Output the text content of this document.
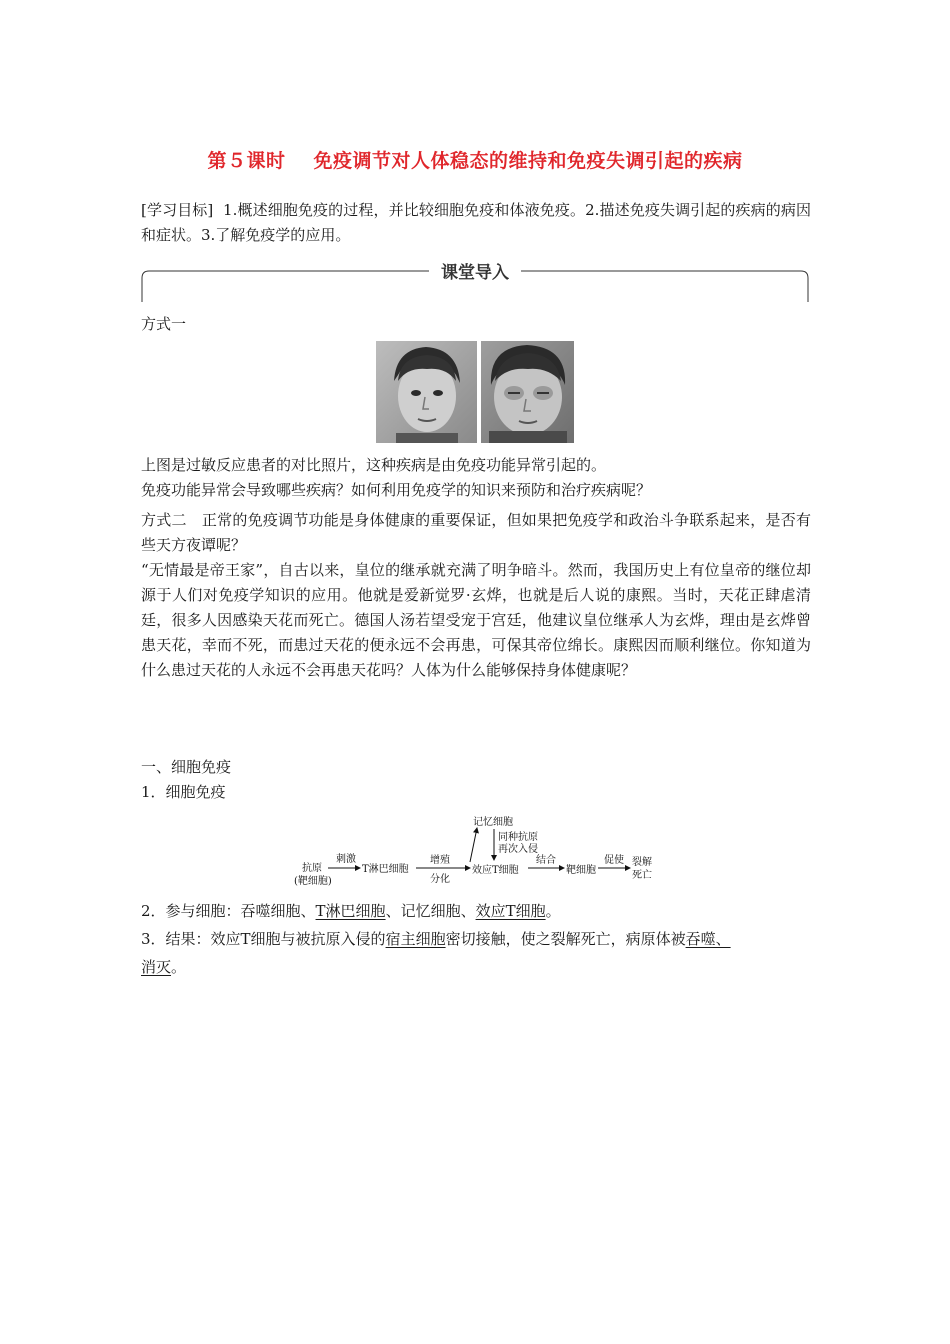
第５课时 免疫调节对人体稳态的维持和免疫失调引起的疾病

[学习目标] 1.概述细胞免疫的过程，并比较细胞免疫和体液免疫。2.描述免疫失调引起的疾病的病因和症状。3.了解免疫学的应用。

课堂导入

方式一

上图是过敏反应患者的对比照片，这种疾病是由免疫功能异常引起的。

免疫功能异常会导致哪些疾病？如何利用免疫学的知识来预防和治疗疾病呢？

方式二　正常的免疫调节功能是身体健康的重要保证，但如果把免疫学和政治斗争联系起来，是否有些天方夜谭呢？

“无情最是帝王家”，自古以来，皇位的继承就充满了明争暗斗。然而，我国历史上有位皇帝的继位却源于人们对免疫学知识的应用。他就是爱新觉罗·玄烨，也就是后人说的康熙。当时，天花正肆虐清廷，很多人因感染天花而死亡。德国人汤若望受宠于宫廷，他建议皇位继承人为玄烨，理由是玄烨曾患天花，幸而不死，而患过天花的便永远不会再患，可保其帝位绵长。康熙因而顺利继位。你知道为什么患过天花的人永远不会再患天花吗？人体为什么能够保持身体健康呢？

一、细胞免疫

1．细胞免疫

抗原
(靶细胞)
刺激
T淋巴细胞
增殖
分化
记忆细胞
同种抗原
再次入侵
效应T细胞
结合
靶细胞
促使 裂解
死亡

2．参与细胞：吞噬细胞、T淋巴细胞、记忆细胞、效应T细胞。

3．结果：效应T细胞与被抗原入侵的宿主细胞密切接触，使之裂解死亡，病原体被吞噬、

消灭。
